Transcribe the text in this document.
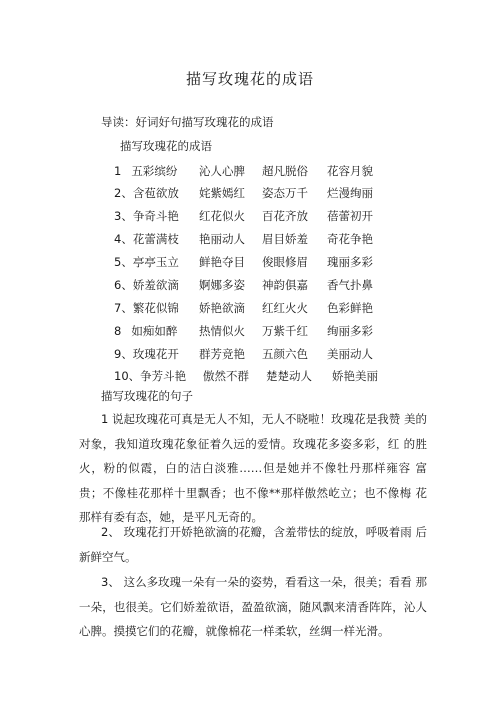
描写玫瑰花的成语
导读：好词好句描写玫瑰花的成语
描写玫瑰花的成语
1 五彩缤纷 沁人心脾 超凡脱俗 花容月貌
2、含苞欲放 姹紫嫣红 姿态万千 烂漫绚丽
3、争奇斗艳 红花似火 百花齐放 蓓蕾初开
4、花蕾满枝 艳丽动人 眉目娇羞 奇花争艳
5、亭亭玉立 鲜艳夺目 俊眼修眉 瑰丽多彩
6、娇羞欲滴 婀娜多姿 神韵俱嘉 香气扑鼻
7、繁花似锦 娇艳欲滴 红红火火 色彩鲜艳
8 如痴如醉 热情似火 万紫千红 绚丽多彩
9、玫瑰花开 群芳竞艳 五颜六色 美丽动人
10、争芳斗艳 傲然不群 楚楚动人 娇艳美丽
描写玫瑰花的句子
1 说起玫瑰花可真是无人不知，无人不晓啦！玫瑰花是我赞 美的对象，我知道玫瑰花象征着久远的爱情。玫瑰花多姿多彩，红 的胜火，粉的似霞，白的洁白淡雅……但是她并不像牡丹那样雍容 富贵；不像桂花那样十里飘香；也不像**那样傲然屹立；也不像梅 花那样有委有态，她，是平凡无奇的。
2、 玫瑰花打开娇艳欲滴的花瓣，含羞带怯的绽放，呼吸着雨 后新鲜空气。
3、 这么多玫瑰一朵有一朵的姿势，看看这一朵，很美；看看 那一朵，也很美。它们娇羞欲语，盈盈欲滴，随风飘来清香阵阵，沁人心脾。摸摸它们的花瓣，就像棉花一样柔软，丝绸一样光滑。
